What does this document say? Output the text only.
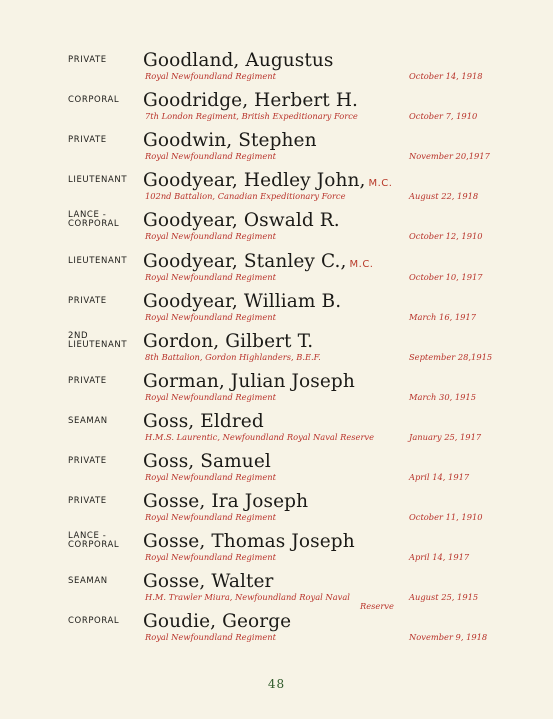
PRIVATE	Goodland, Augustus
Royal Newfoundland Regiment	October 14, 1918
CORPORAL	Goodridge, Herbert H.
7th London Regiment, British Expeditionary Force	October 7, 1910
PRIVATE	Goodwin, Stephen
Royal Newfoundland Regiment	November 20,1917
LIEUTENANT Goodyear, Hedley John, M.C.
102nd Battalion, Canadian Expeditionary Force	August 22, 1918
LANCE -
CORPORAL	Goodyear, Oswald R.
Royal Newfoundland Regiment	October 12, 1910
LIEUTENANT Goodyear, Stanley C., M.C.
Royal Newfoundland Regiment	October 10, 1917
PRIVATE	Goodyear, William B.
Royal Newfoundland Regiment	March 16, 1917
2ND
LIEUTENANT Gordon, Gilbert T.
8th Battalion, Gordon Highlanders, B.E.F.	September 28,1915
PRIVATE	Gorman, Julian Joseph
Royal Newfoundland Regiment	March 30, 1915
SEAMAN	Goss, Eldred
H.M.S. Laurentic, Newfoundland Royal Naval Reserve	January 25, 1917
PRIVATE	Goss, Samuel
Royal Newfoundland Regiment	April 14, 1917
PRIVATE	Gosse, Ira Joseph
Royal Newfoundland Regiment	October 11, 1910
LANCE -
CORPORAL	Gosse, Thomas Joseph
Royal Newfoundland Regiment	April 14, 1917
SEAMAN	Gosse, Walter
H.M. Trawler Miura, Newfoundland Royal Naval
Reserve
August 25, 1915
CORPORAL	Goudie, George
Royal Newfoundland Regiment	November 9, 1918
48
